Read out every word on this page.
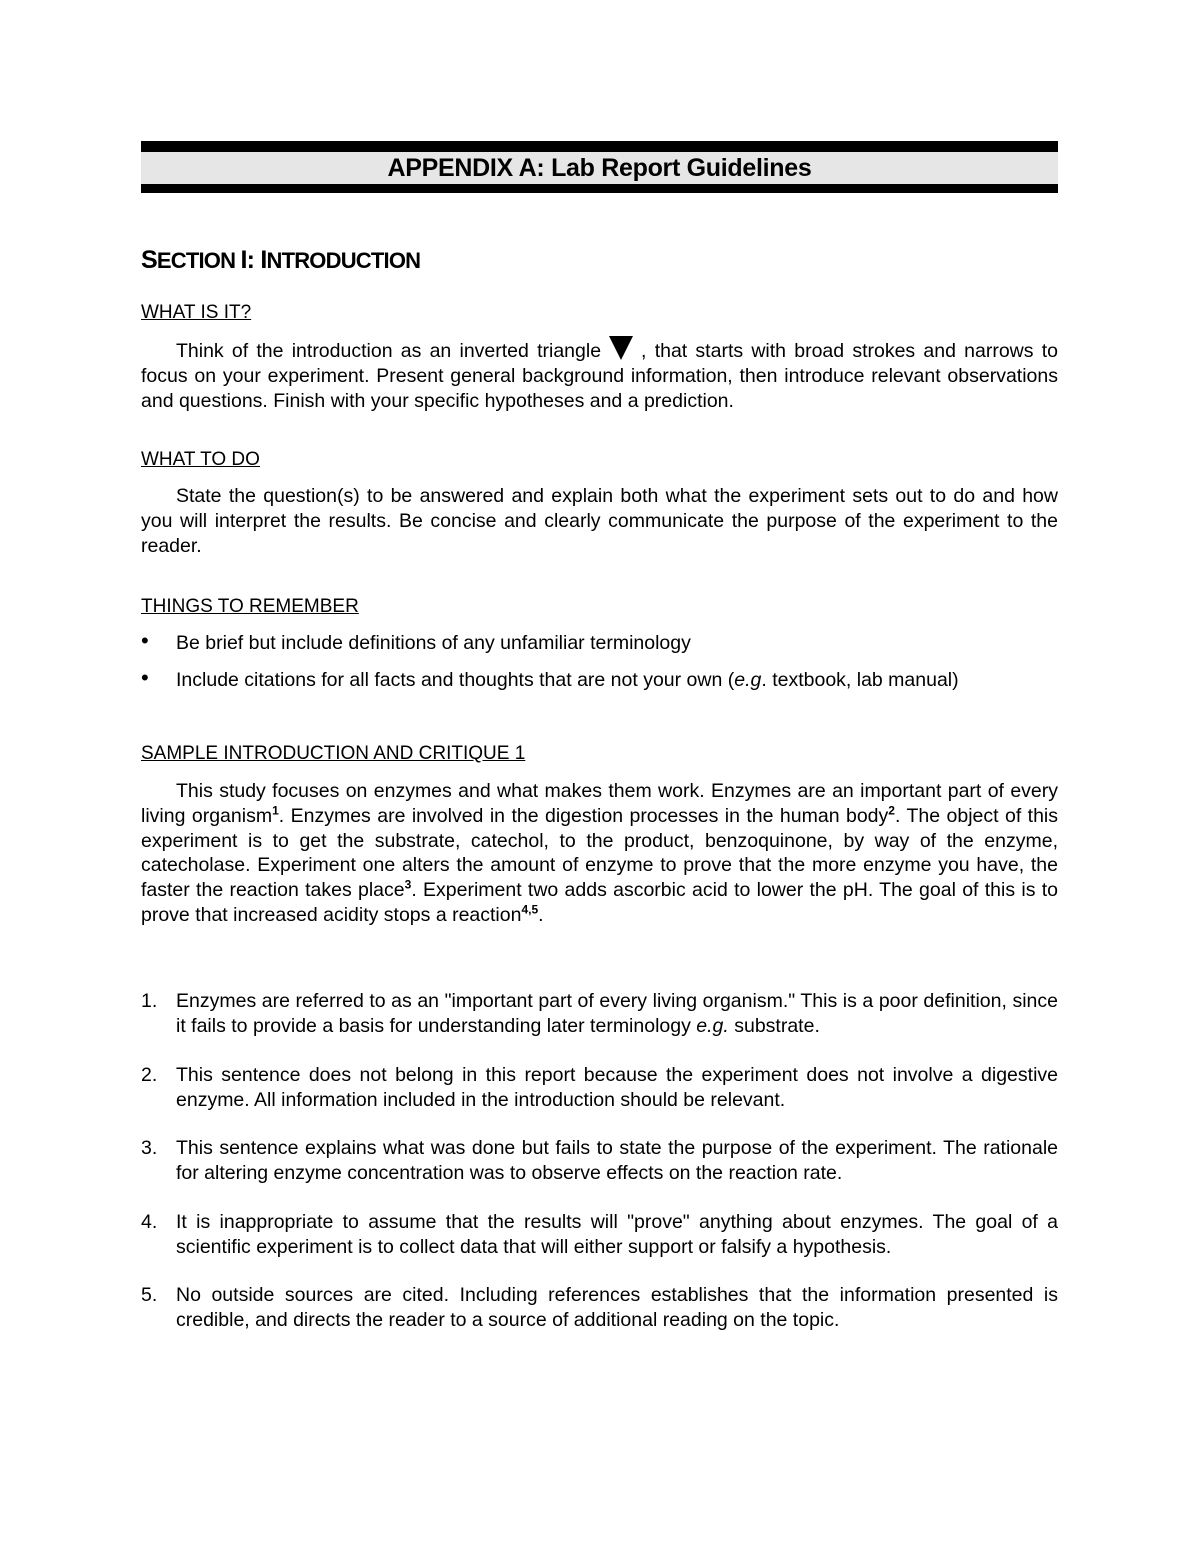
APPENDIX A: Lab Report Guidelines
SECTION I: INTRODUCTION
WHAT IS IT?
Think of the introduction as an inverted triangle , that starts with broad strokes and narrows to focus on your experiment. Present general background information, then introduce relevant observations and questions. Finish with your specific hypotheses and a prediction.
WHAT TO DO
State the question(s) to be answered and explain both what the experiment sets out to do and how you will interpret the results. Be concise and clearly communicate the purpose of the experiment to the reader.
THINGS TO REMEMBER
• Be brief but include definitions of any unfamiliar terminology
• Include citations for all facts and thoughts that are not your own (e.g. textbook, lab manual)
SAMPLE INTRODUCTION AND CRITIQUE 1
This study focuses on enzymes and what makes them work. Enzymes are an important part of every living organism$^1$. Enzymes are involved in the digestion processes in the human body$^2$. The object of this experiment is to get the substrate, catechol, to the product, benzoquinone, by way of the enzyme, catecholase. Experiment one alters the amount of enzyme to prove that the more enzyme you have, the faster the reaction takes place$^3$. Experiment two adds ascorbic acid to lower the pH. The goal of this is to prove that increased acidity stops a reaction$^{4,5}$.
1. Enzymes are referred to as an "important part of every living organism." This is a poor definition, since it fails to provide a basis for understanding later terminology e.g. substrate.
2. This sentence does not belong in this report because the experiment does not involve a digestive enzyme. All information included in the introduction should be relevant.
3. This sentence explains what was done but fails to state the purpose of the experiment. The rationale for altering enzyme concentration was to observe effects on the reaction rate.
4. It is inappropriate to assume that the results will "prove" anything about enzymes. The goal of a scientific experiment is to collect data that will either support or falsify a hypothesis.
5. No outside sources are cited. Including references establishes that the information presented is credible, and directs the reader to a source of additional reading on the topic.
